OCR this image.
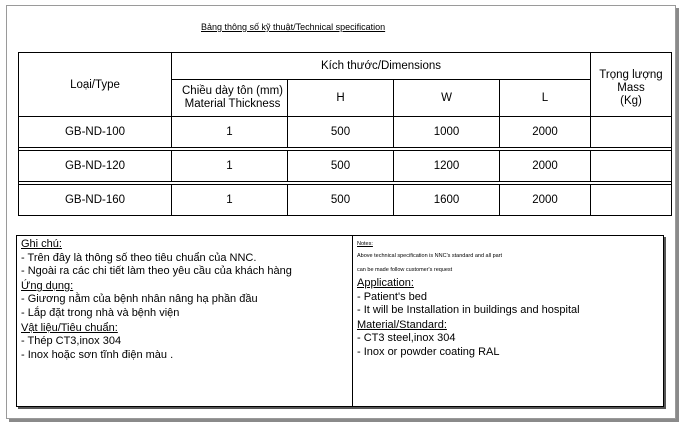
Bảng thông số kỹ thuật/Technical specification
Loại/Type	Kích thước/Dimensions				Trọng lượng
Mass
(Kg)

	Chiều dày tôn (mm)
Material Thickness	H	W	L	
GB-ND-100	1	500	1000	2000	

GB-ND-120	1	500	1200	2000	

GB-ND-160	1	500	1600	2000	
Ghi chú:
- Trên đây là thông số theo tiêu chuẩn của NNC.
- Ngoài ra các chi tiết làm theo yêu cầu của khách hàng
Ứng dụng:
- Giương nằm của bệnh nhân nâng hạ phần đầu
- Lắp đặt trong nhà và bệnh viện
Vật liệu/Tiêu chuẩn:
- Thép CT3,inox 304
- Inox hoặc sơn tĩnh điện màu .
Notes:
Above technical specification is NNC's standard and all part
can be made follow customer's request
Application:
- Patient's bed
- It will be Installation in buildings and hospital
Material/Standard:
- CT3 steel,inox 304
- Inox or powder coating RAL
